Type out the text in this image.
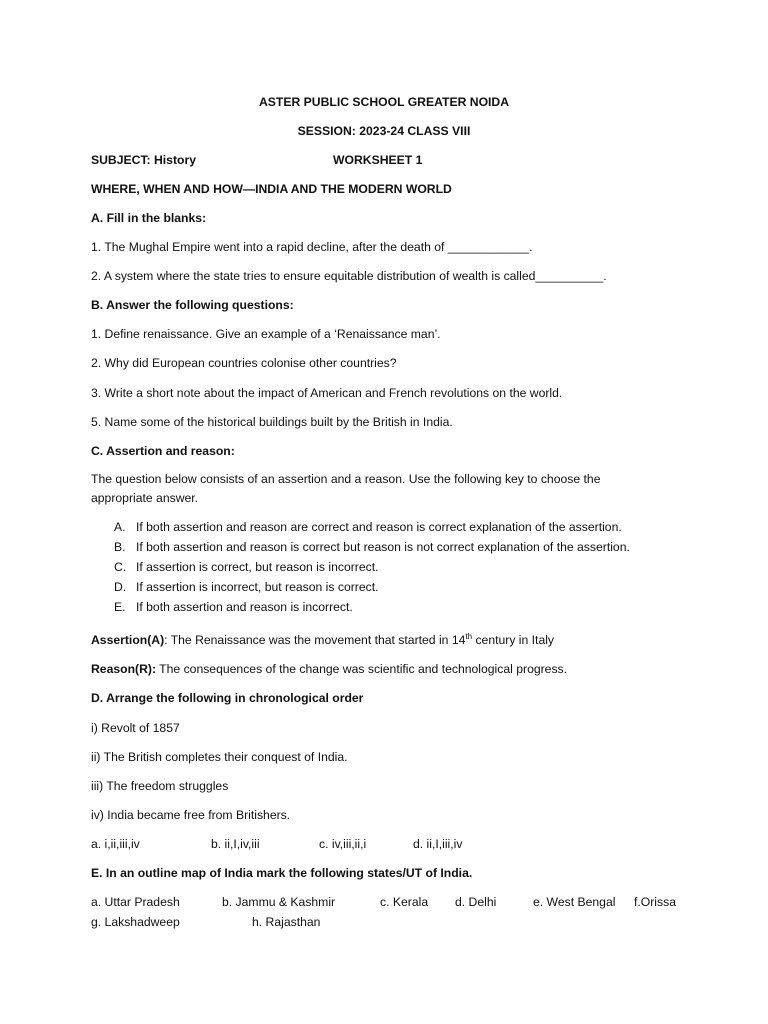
ASTER PUBLIC SCHOOL GREATER NOIDA
SESSION: 2023-24 CLASS VIII
SUBJECT: History	WORKSHEET 1
WHERE, WHEN AND HOW—INDIA AND THE MODERN WORLD
A. Fill in the blanks:
1. The Mughal Empire went into a rapid decline, after the death of ____________.
2. A system where the state tries to ensure equitable distribution of wealth is called__________.
B. Answer the following questions:
1. Define renaissance. Give an example of a ‘Renaissance man’.
2. Why did European countries colonise other countries?
3. Write a short note about the impact of American and French revolutions on the world.
5. Name some of the historical buildings built by the British in India.
C. Assertion and reason:
The question below consists of an assertion and a reason. Use the following key to choose the appropriate answer.
A. If both assertion and reason are correct and reason is correct explanation of the assertion.
B. If both assertion and reason is correct but reason is not correct explanation of the assertion.
C. If assertion is correct, but reason is incorrect.
D. If assertion is incorrect, but reason is correct.
E. If both assertion and reason is incorrect.
Assertion(A): The Renaissance was the movement that started in 14th century in Italy
Reason(R): The consequences of the change was scientific and technological progress.
D. Arrange the following in chronological order
i) Revolt of 1857
ii) The British completes their conquest of India.
iii) The freedom struggles
iv) India became free from Britishers.
a. i,ii,iii,iv	b. ii,I,iv,iii	c. iv,iii,ii,i	d. ii,I,iii,iv
E. In an outline map of India mark the following states/UT of India.
a. Uttar Pradesh	b. Jammu & Kashmir	c. Kerala d. Delhi	e. West Bengal f.Orissa
g. Lakshadweep	h. Rajasthan
